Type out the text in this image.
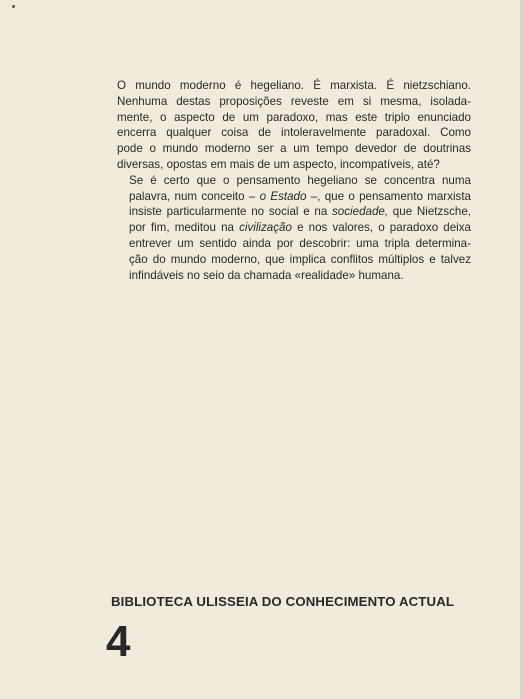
O mundo moderno é hegeliano. É marxista. É nietzschiano.
Nenhuma destas proposições reveste em si mesma, isolada-
mente, o aspecto de um paradoxo, mas este triplo enunciado
encerra qualquer coisa de intoleravelmente paradoxal. Como
pode o mundo moderno ser a um tempo devedor de doutrinas
diversas, opostas em mais de um aspecto, incompatíveis, até?

Se é certo que o pensamento hegeliano se concentra numa
palavra, num conceito – o Estado –, que o pensamento marxista
insiste particularmente no social e na sociedade, que Nietzsche,
por fim, meditou na civilização e nos valores, o paradoxo deixa
entrever um sentido ainda por descobrir: uma tripla determina-
ção do mundo moderno, que implica conflitos múltiplos e talvez
infindáveis no seio da chamada «realidade» humana.

BIBLIOTECA ULISSEIA DO CONHECIMENTO ACTUAL
4
